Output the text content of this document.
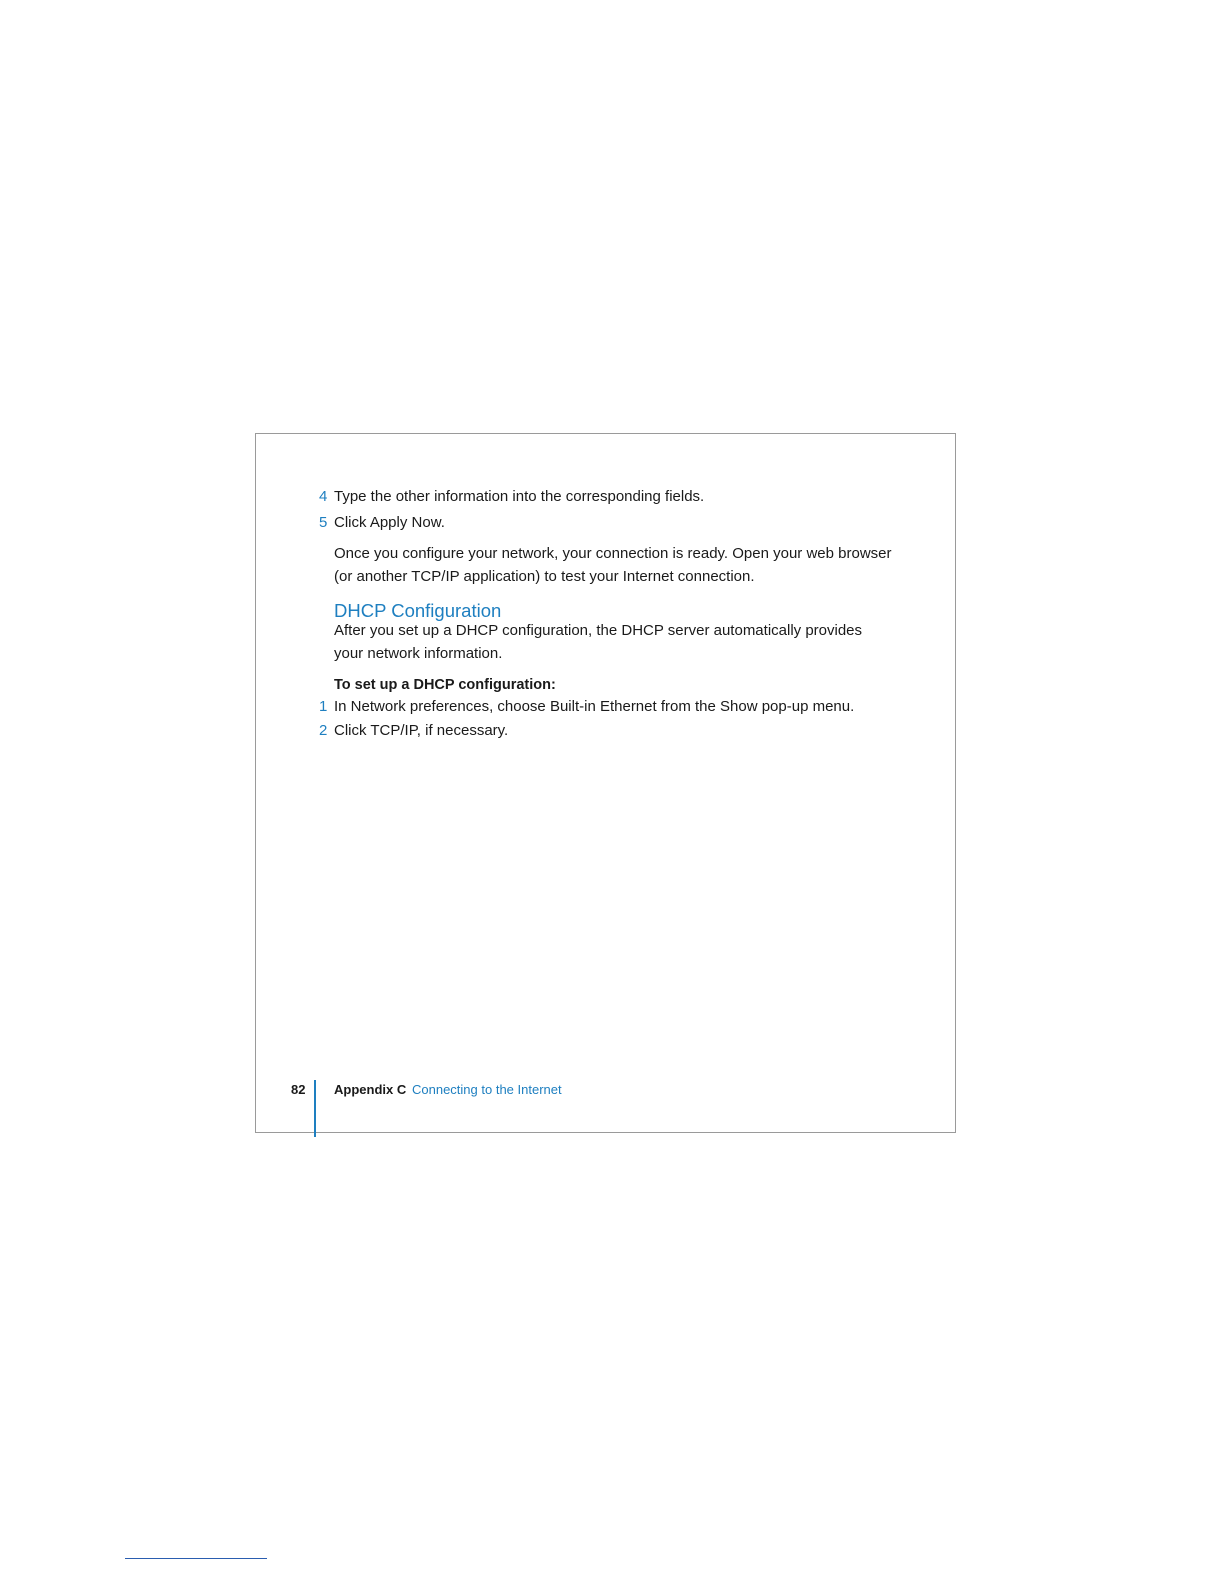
4 Type the other information into the corresponding fields.
5 Click Apply Now.
Once you configure your network, your connection is ready. Open your web browser (or another TCP/IP application) to test your Internet connection.
DHCP Configuration
After you set up a DHCP configuration, the DHCP server automatically provides your network information.
To set up a DHCP configuration:
1 In Network preferences, choose Built-in Ethernet from the Show pop-up menu.
2 Click TCP/IP, if necessary.
82 Appendix C Connecting to the Internet
